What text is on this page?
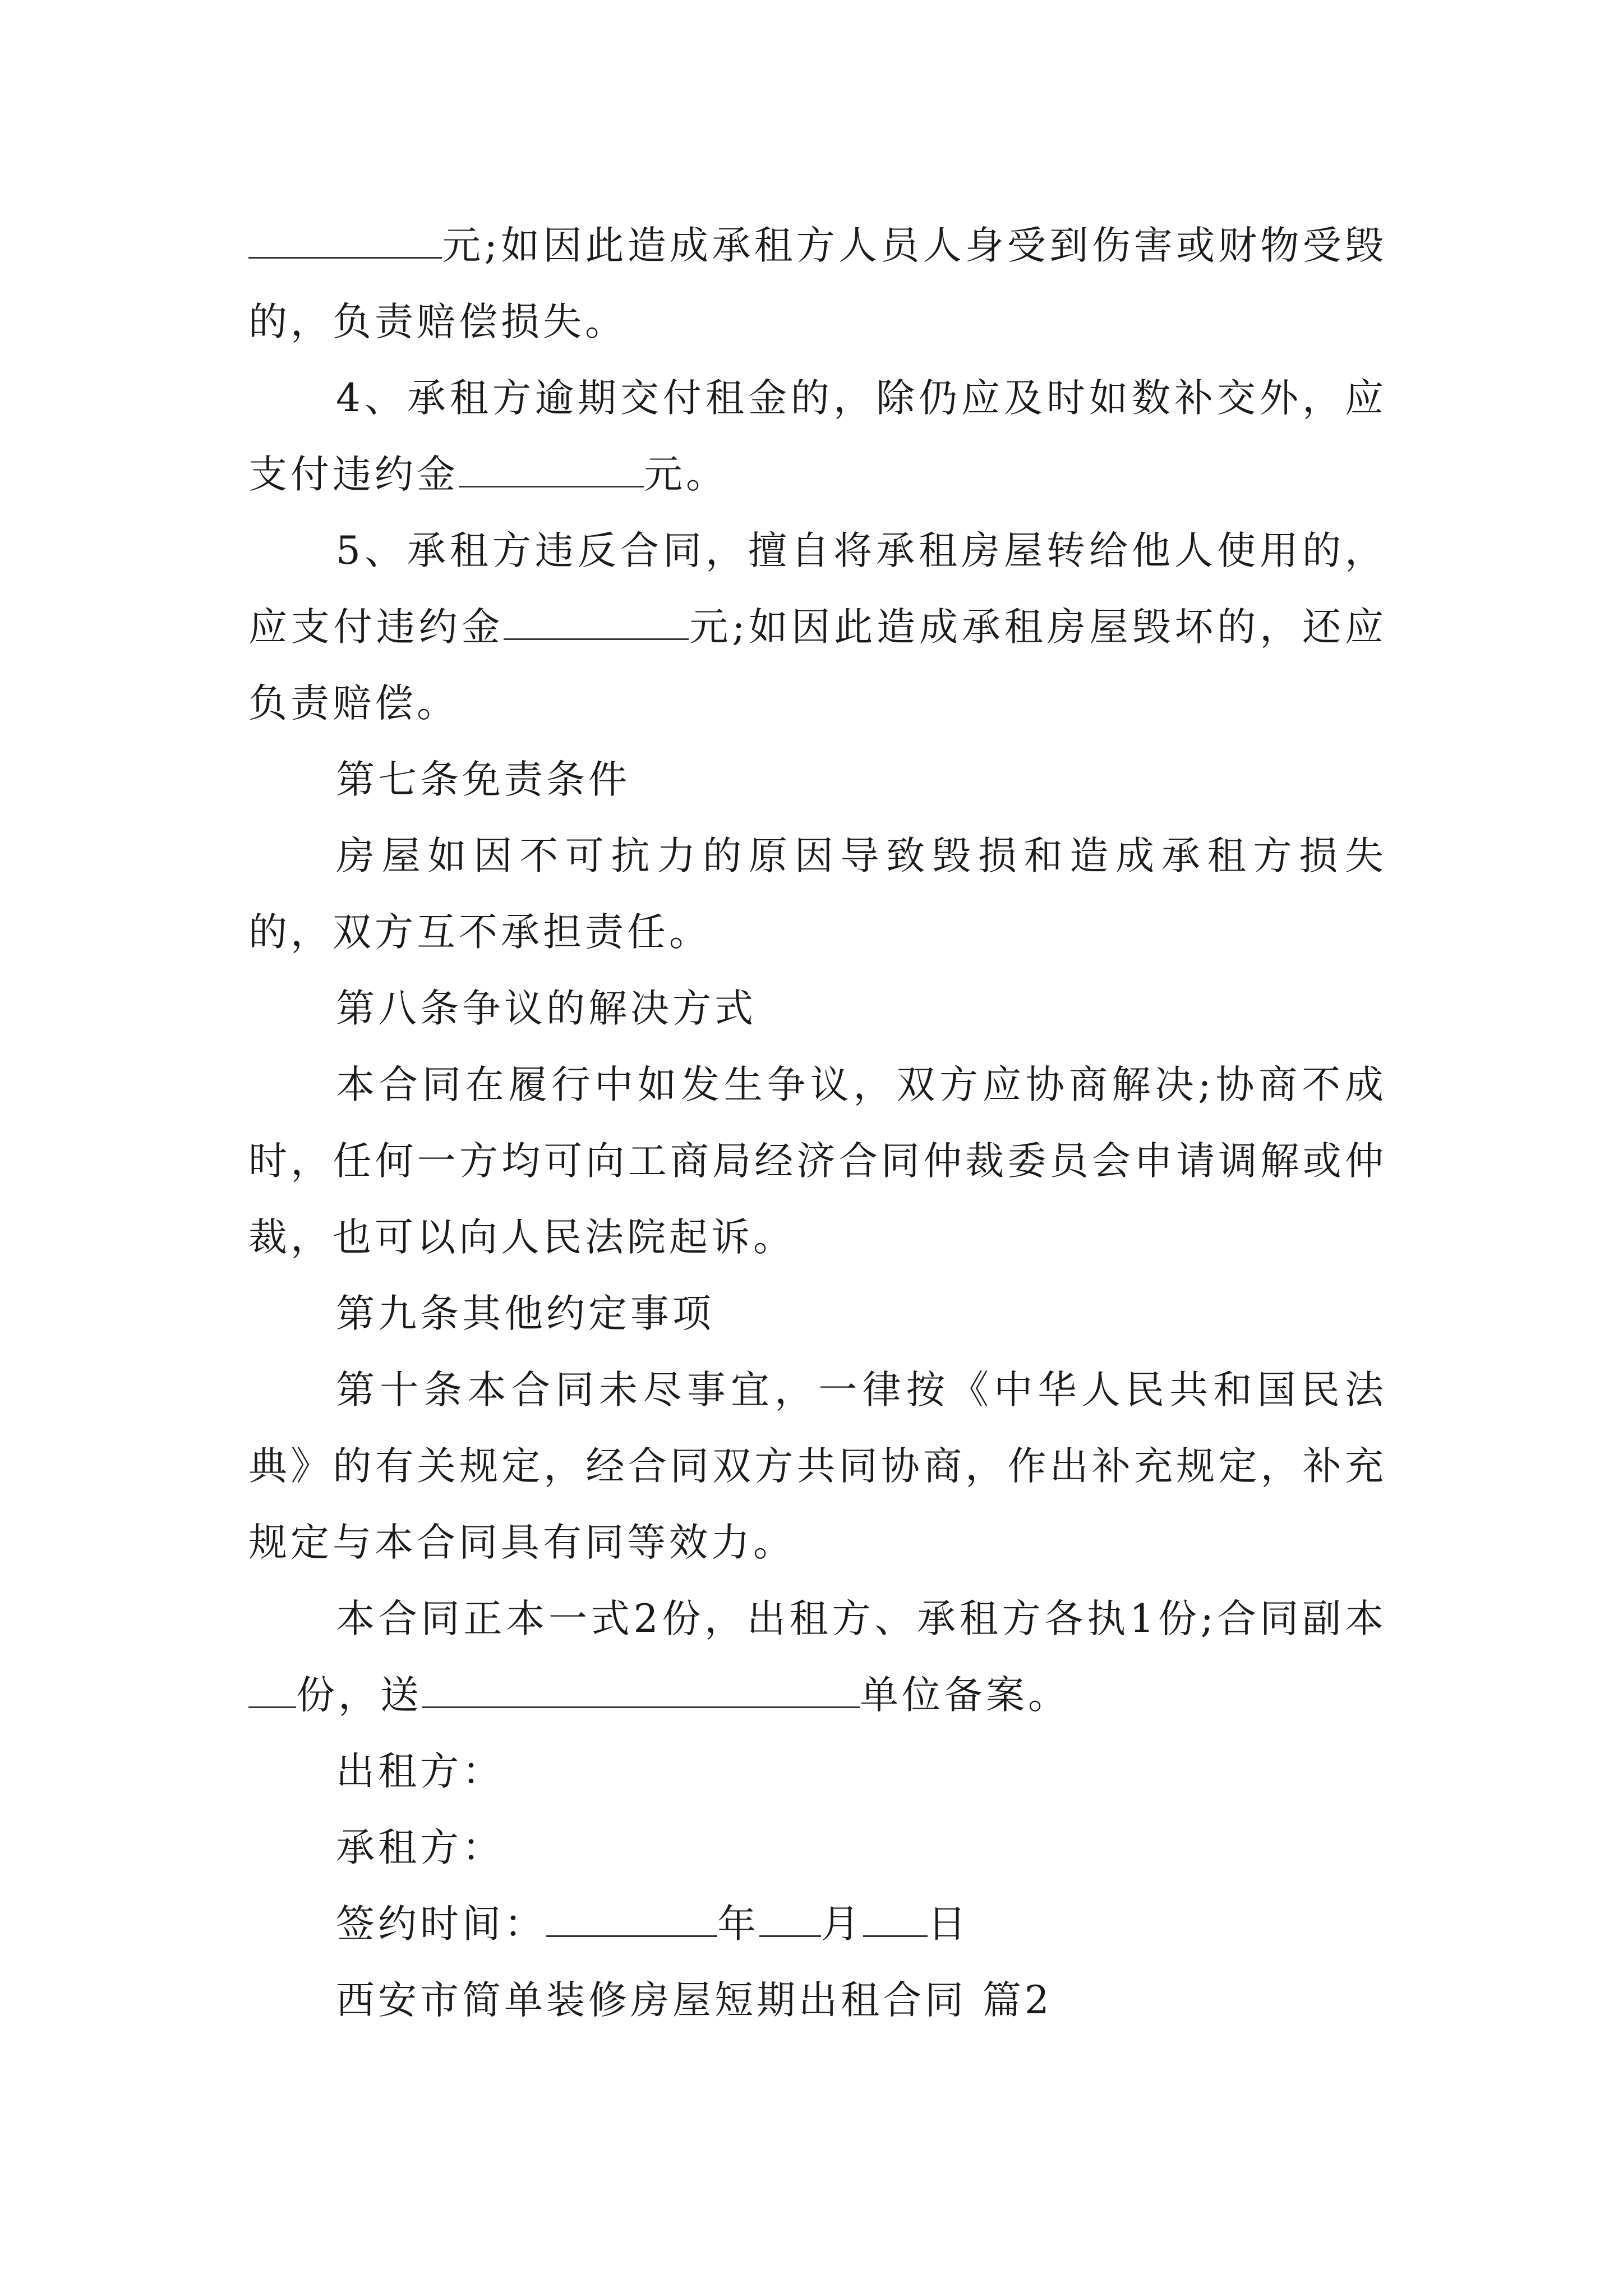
元;如因此造成承租方人员人身受到伤害或财物受毁的，负责赔偿损失。

4、承租方逾期交付租金的，除仍应及时如数补交外，应支付违约金	元。

5、承租方违反合同，擅自将承租房屋转给他人使用的，应支付违约金	元;如因此造成承租房屋毁坏的，还应负责赔偿。

第七条免责条件

房屋如因不可抗力的原因导致毁损和造成承租方损失的，双方互不承担责任。

第八条争议的解决方式

本合同在履行中如发生争议，双方应协商解决;协商不成时，任何一方均可向工商局经济合同仲裁委员会申请调解或仲裁，也可以向人民法院起诉。

第九条其他约定事项

第十条本合同未尽事宜，一律按《中华人民共和国民法典》的有关规定，经合同双方共同协商，作出补充规定，补充规定与本合同具有同等效力。

本合同正本一式2份，出租方、承租方各执1份;合同副本份，送	单位备案。

出租方：

承租方：

签约时间：	年 月 日

西安市简单装修房屋短期出租合同 篇2
